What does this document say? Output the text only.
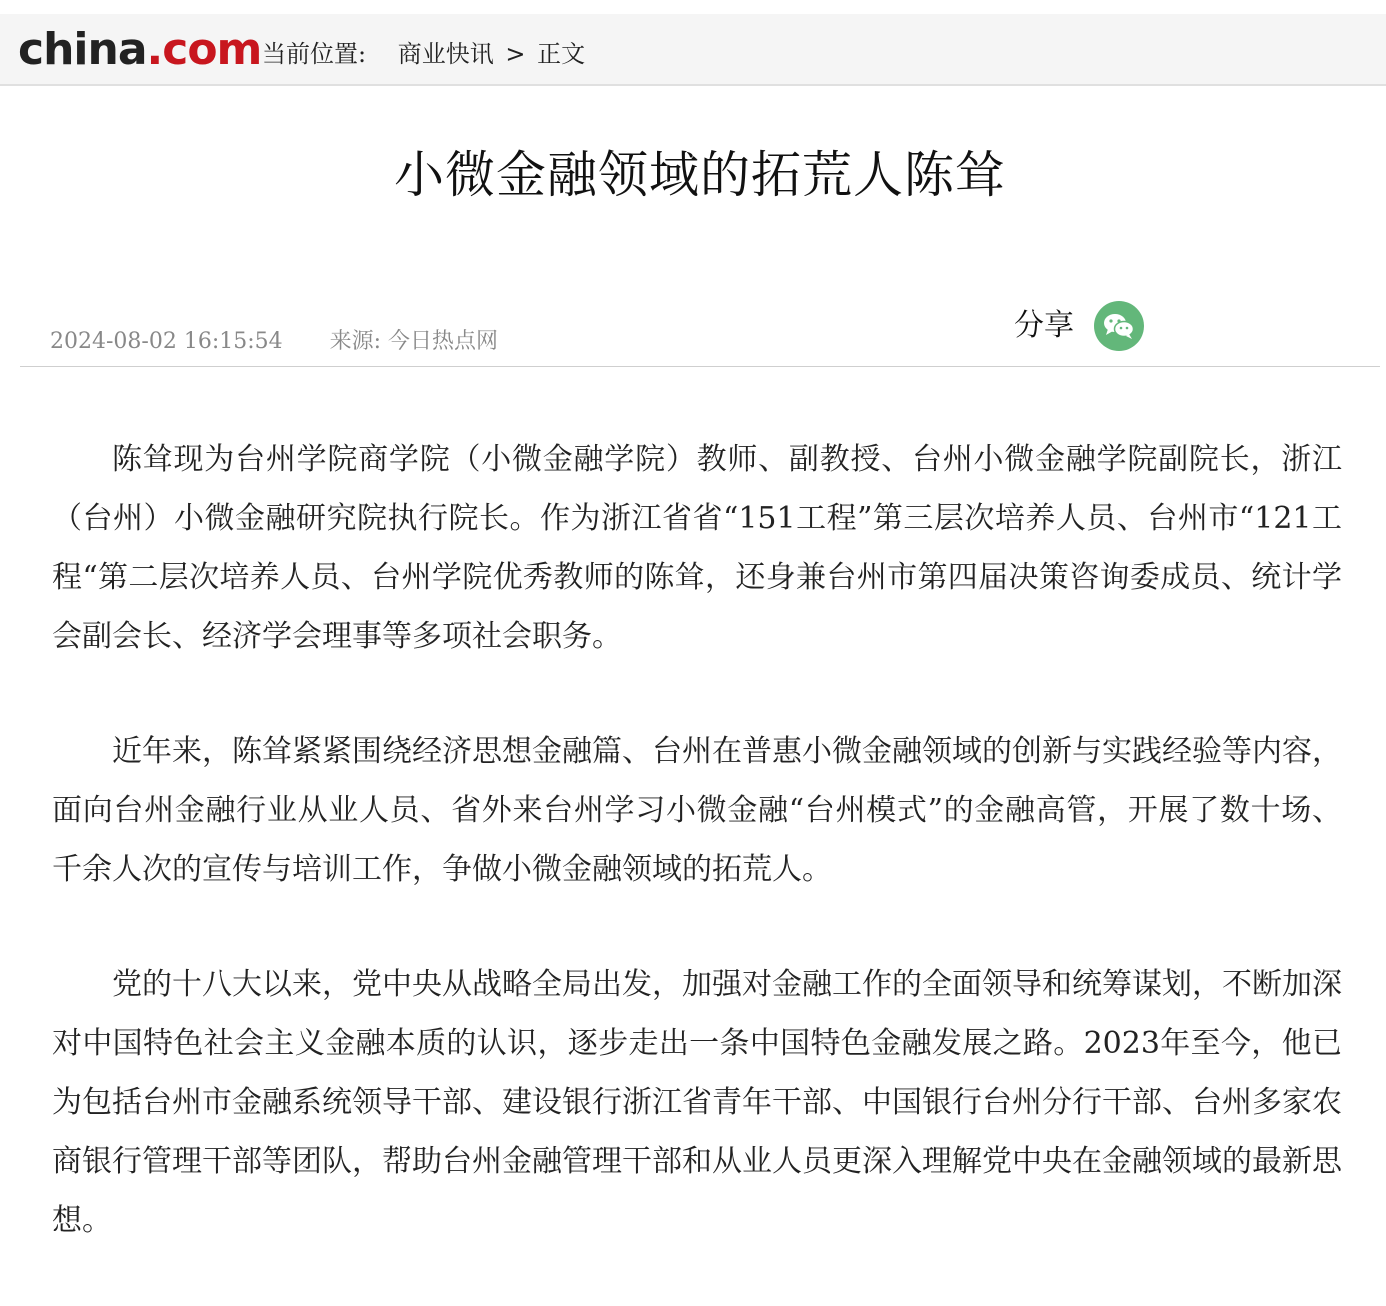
china.com 当前位置: 商业快讯 > 正文
小微金融领域的拓荒人陈耸
2024-08-02 16:15:54 来源: 今日热点网	分享

陈耸现为台州学院商学院（小微金融学院）教师、副教授、台州小微金融学院副院长，浙江（台州）小微金融研究院执行院长。作为浙江省省“151工程”第三层次培养人员、台州市“121工程“第二层次培养人员、台州学院优秀教师的陈耸，还身兼台州市第四届决策咨询委成员、统计学会副会长、经济学会理事等多项社会职务。

近年来，陈耸紧紧围绕经济思想金融篇、台州在普惠小微金融领域的创新与实践经验等内容，面向台州金融行业从业人员、省外来台州学习小微金融“台州模式”的金融高管，开展了数十场、千余人次的宣传与培训工作，争做小微金融领域的拓荒人。

党的十八大以来，党中央从战略全局出发，加强对金融工作的全面领导和统筹谋划，不断加深对中国特色社会主义金融本质的认识，逐步走出一条中国特色金融发展之路。2023年至今，他已为包括台州市金融系统领导干部、建设银行浙江省青年干部、中国银行台州分行干部、台州多家农商银行管理干部等团队，帮助台州金融管理干部和从业人员更深入理解党中央在金融领域的最新思想。
